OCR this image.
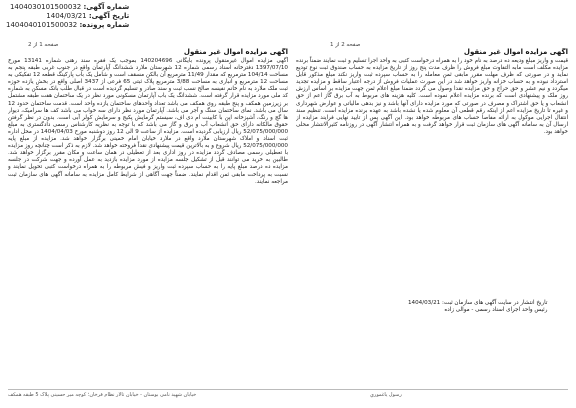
شماره آگهی: 1404030101500032
تاریخ آگهی: 1404/03/21
شماره پرونده: 1404040101500032
صفحه 1 از 2	صفحه 2 از 1
آگهی مزایده اموال غیر منقول

قیمت و واریز مبلغ ودیعه ده درصد به نام خود را به همراه درخواست کتبی به واحد اجرا تسلیم و ثبت نمایند ضمناً برنده مزایده مکلف است مابه التفاوت مبلغ فروش را ظرف مدت پنج روز از تاریخ مزایده به حساب صندوق ثبت نوع تودیع نماید و در صورتی که ظرف مهلت مقرر مابقی ثمن معامله را به حساب سپرده ثبت واریز نکند مبلغ مذکور قابل استرداد نبوده و به حساب خزانه واریز خواهد شد در این صورت عملیات فروش از درجه اعتبار ساقط و مزایده تجدید میگردد و نیم عشر و حق حراج و حق مزایده نقدا وصول می گردد ضمنا مبلغ اعلام ثمن جهت مزایده بر اساس ارزش روز ملک و پیشنهادی است که برنده مزایده اعلام نموده است. کلیه هزینه های مربوط به آب برق گاز اعم از حق انشعاب و یا حق اشتراک و مصرف در صورتی که مورد مزایده دارای آنها باشد و نیز بدهی مالیاتی و عوارض شهرداری و غیره تا تاریخ مزایده اعم از اینکه رقم قطعی آن معلوم شده یا نشده باشد به عهده برنده مزایده است. تنظیم سند انتقال اجرایی موکول به ارائه مفاصا حساب های مربوطه خواهد بود. این آگهی پس از تایید نهایی فرایند مزایده از ارسال آن به سامانه آگهی های سازمان ثبت قرار خواهد گرفت و به همراه انتشار آگهی در روزنامه کثیرالانتشار محلی خواهد بود.

تاریخ انتشار در سایت آگهی های سازمان ثبت: 1404/03/21
رئیس واحد اجرای اسناد رسمی - موالی زاده
آگهی مزایده اموال غیر منقول

آگهی مزایده اموال غیرمنقول پرونده بایگانی 140204696 بموجب یک فقره سند رهنی شماره 13141 مورخ 1397/07/10 دفترخانه اسناد رسمی شماره 12 شهرستان ملارد ششدانگ آپارتمان واقع در جنوب غربی طبقه پنجم به مساحت 104/14 مترمربع که مقدار 11/49 مترمربع آن بالکن مسقف است و شامل یک باب پارکینگ قطعه 12 تفکیکی به مساحت 12 مترمربع و انباری به مساحت 3/88 مترمربع پلاک ثبتی 65 فرعی از 3437 اصلی واقع در بخش یازده حوزه ثبت ملک ملارد به نام خانم نفیسه صالح نسب ثبت و سند صادر و تسلیم گردیده است در قبال طلب بانک مسکن به شماره کد ملی مورد مزایده قرار گرفته است. ششدانگ یک باب آپارتمان مسکونی مورد نظر در یک ساختمان هفت طبقه مشتمل بر زیرزمین همکف و پنج طبقه روی همکف می باشد تعداد واحدهای ساختمان یازده واحد است. قدمت ساختمان حدود 12 سال می باشد. نمای ساختمان سنگ و آجر می باشد. آپارتمان مورد نظر دارای سه خواب می باشد کف ها سرامیک، دیوار ها گچ و رنگ، آشپزخانه اپن با کابینت ام دی اف، سیستم گرمایش پکیج و سرمایش کولر آبی است. بدون در نظر گرفتن حقوق مالکانه دارای حق انشعاب آب و برق و گاز می باشد که با توجه به نظریه کارشناس رسمی دادگستری به مبلغ 52/075/000/000 ریال ارزیابی گردیده است. مزایده از ساعت 9 الی 12 روز دوشنبه مورخ 1404/04/03 در محل اداره ثبت اسناد و املاک شهرستان ملارد واقع در ملارد خیابان امام خمینی برگزار خواهد شد. مزایده از مبلغ پایه 52/075/000/000 ریال شروع و به بالاترین قیمت پیشنهادی نقداً فروخته خواهد شد. لازم به ذکر است چنانچه روز مزایده با تعطیلی رسمی مصادف گردد مزایده در روز اداری بعد از تعطیلی در همان ساعت و مکان مقرر برگزار خواهد شد. طالبین به خرید می توانند قبل از تشکیل جلسه مزایده از مورد مزایده بازدید به عمل آورده و جهت شرکت در جلسه مزایده ده درصد مبلغ پایه را به حساب سپرده ثبت واریز و فیش مربوطه را به همراه درخواست کتبی تحویل نمایند و نسبت به پرداخت مابقی ثمن اقدام نمایند. ضمناً جهت آگاهی از شرایط کامل مزایده به سامانه آگهی های سازمان ثبت مراجعه نمایند.

خیابان شهید نامی بوستان - خیابان تالار نظام فرخان؛ کوچه میر حسینی پلاک 5 طبقه همکف	رسول ياغموري
